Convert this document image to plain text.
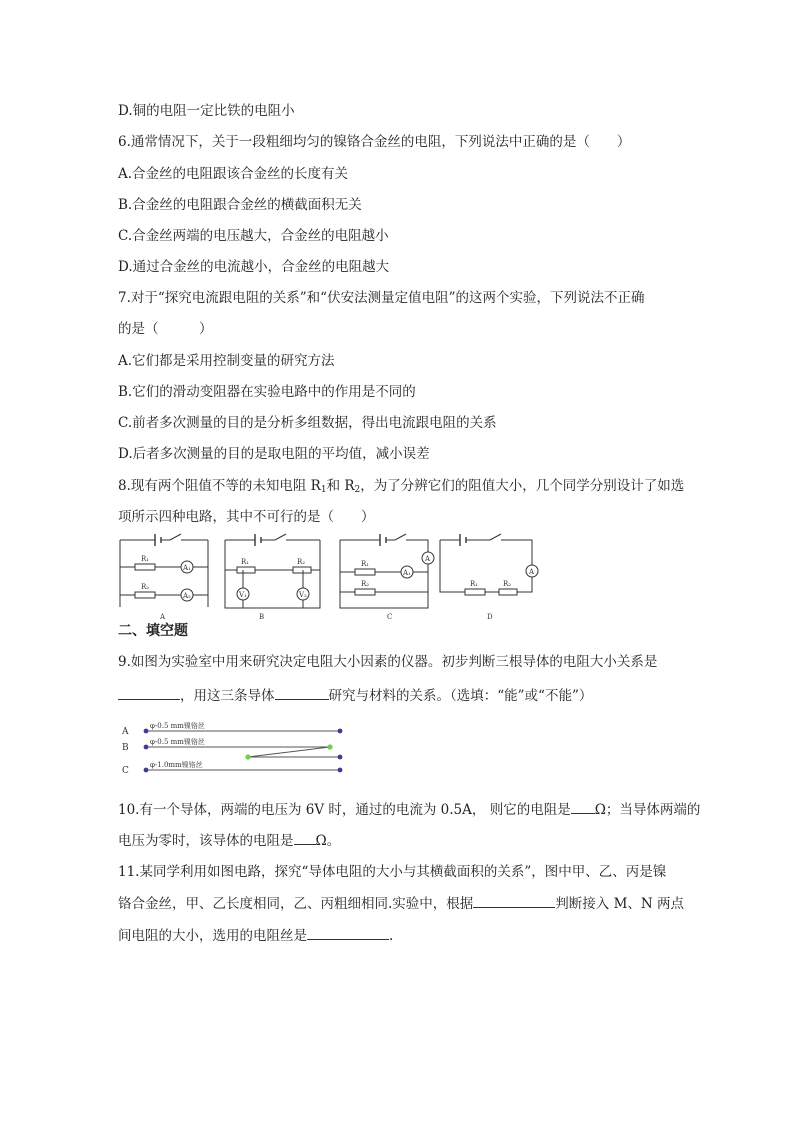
D.铜的电阻一定比铁的电阻小
6.通常情况下，关于一段粗细均匀的镍铬合金丝的电阻，下列说法中正确的是（　　）
A.合金丝的电阻跟该合金丝的长度有关
B.合金丝的电阻跟合金丝的横截面积无关
C.合金丝两端的电压越大，合金丝的电阻越小
D.通过合金丝的电流越小，合金丝的电阻越大
7.对于“探究电流跟电阻的关系”和“伏安法测量定值电阻”的这两个实验，下列说法不正确
的是（　　　）
A.它们都是采用控制变量的研究方法
B.它们的滑动变阻器在实验电路中的作用是不同的
C.前者多次测量的目的是分析多组数据，得出电流跟电阻的关系
D.后者多次测量的目的是取电阻的平均值，减小误差
8.现有两个阻值不等的未知电阻 $R_1$和 $R_2$，为了分辨它们的阻值大小，几个同学分别设计了如选
项所示四种电路，其中不可行的是（　　）
R₁
R₂
A₁
A₂
A
R₁	R₂
V₁	V₂
B
R₁
R₂
A₁
A
C
R₁	R₂
A
D
二、填空题
9.如图为实验室中用来研究决定电阻大小因素的仪器。初步判断三根导体的电阻大小关系是
，用这三条导体	研究与材料的关系。（选填：“能”或“不能”）
A
B
C
φ-0.5 mm镍铬丝
φ-0.5 mm镍铬丝
φ-1.0mm镍铬丝
10.有一个导体，两端的电压为 6V 时，通过的电流为 0.5A， 则它的电阻是 Ω；当导体两端的
电压为零时，该导体的电阻是 Ω。
11.某同学利用如图电路，探究“导体电阻的大小与其横截面积的关系”，图中甲、乙、丙是镍
铬合金丝，甲、乙长度相同，乙、丙粗细相同.实验中，根据	判断接入 M、N 两点
间电阻的大小，选用的电阻丝是	.
